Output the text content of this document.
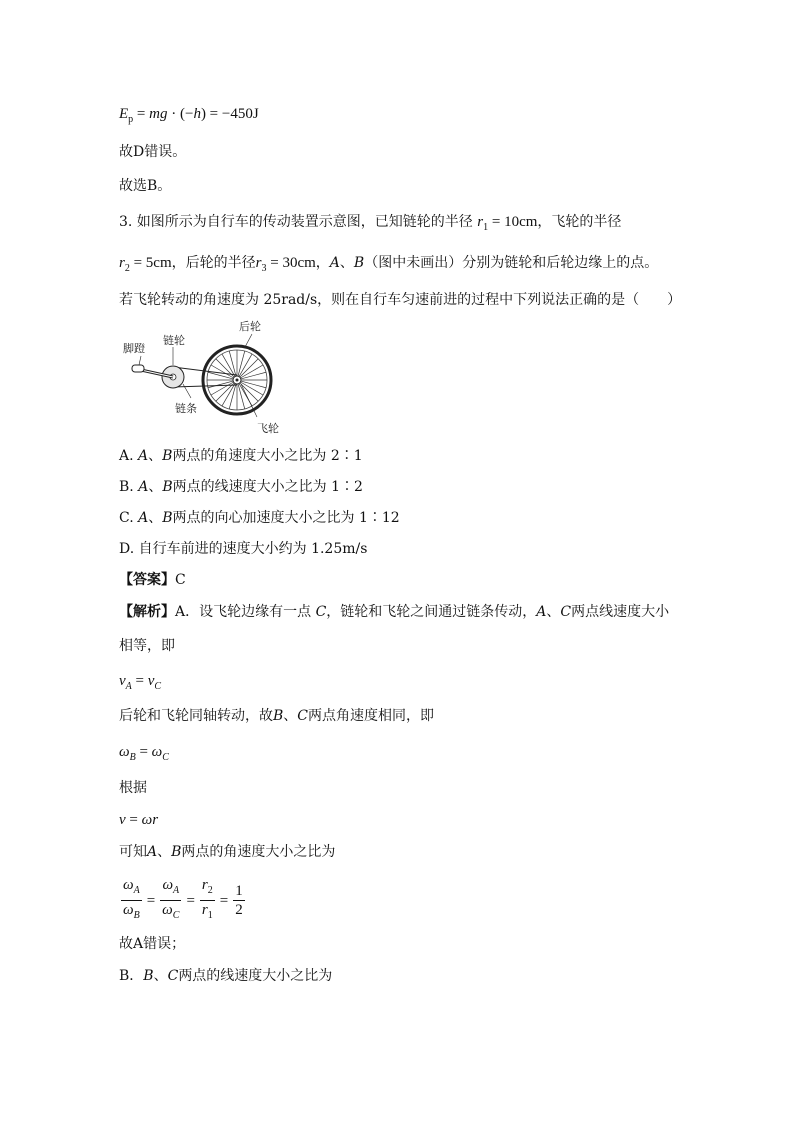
$E_p$ = mg · (−h) = −450J
故D错误。
故选B。
3. 如图所示为自行车的传动装置示意图，已知链轮的半径 $r_1 = 10cm$，飞轮的半径
$r_2 = 5cm$，后轮的半径$r_3 = 30cm$，A、B（图中未画出）分别为链轮和后轮边缘上的点。
若飞轮转动的角速度为 25rad/s，则在自行车匀速前进的过程中下列说法正确的是（　　）
脚蹬
链轮
后轮
链条
飞轮
A. A、B两点的角速度大小之比为 2∶1
B. A、B两点的线速度大小之比为 1∶2
C. A、B两点的向心加速度大小之比为 1∶12
D. 自行车前进的速度大小约为 1.25m/s
【答案】C
【解析】A．设飞轮边缘有一点 C，链轮和飞轮之间通过链条传动，A、C两点线速度大小
相等，即
$v_A = v_C$
后轮和飞轮同轴转动，故B、C两点角速度相同，即
$\omega_B = \omega_C$
根据
v = ωr
可知A、B两点的角速度大小之比为
$\frac{\omega_A}{\omega_B} = \frac{\omega_A}{\omega_C} = \frac{r_2}{r_1} = \frac{1}{2}$
故A错误；
B．B、C两点的线速度大小之比为
